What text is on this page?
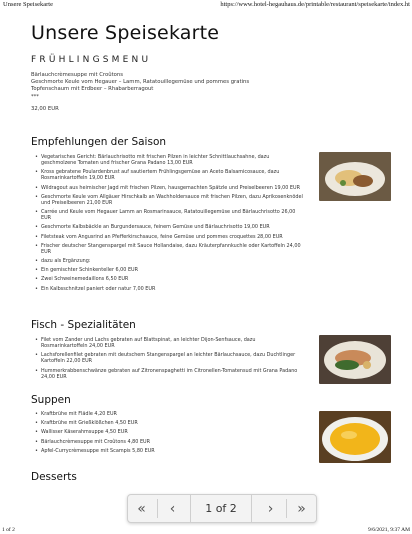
Unsere Speisekarte	https://www.hotel-hegauhaus.de/printable/restaurant/speisekarte/index.ht
Unsere Speisekarte
FRÜHLINGSMENU
Bärlauchcrèmesuppe mit Croûtons
Geschmorte Keule vom Hegauer – Lamm, Ratatouillegemüse und pommes gratins
Topfenschaum mit Erdbeer – Rhabarberragout
***
32,00 EUR
Empfehlungen der Saison
• Vegetarisches Gericht: Bärlauchrisotto mit frischen Pilzen in leichter Schnittlauchsahne, dazu geschmolzene Tomaten und frischer Grana Padano 13,00 EUR
• Kross gebratene Poulardenbrust auf sautiertem Frühlingsgemüse an Aceto Balsamicosauce, dazu Rosmarinkartoffeln 19,00 EUR
• Wildragout aus heimischer Jagd mit frischen Pilzen, hausgemachten Spätzle und Preiselbeeren 19,00 EUR
• Geschmorte Keule vom Allgäuer Hirschkalb an Wachholdersauce mit frischen Pilzen, dazu Aprikosenknödel und Preiselbeeren 21,00 EUR
• Carrée und Keule vom Hegauer Lamm an Rosmarinsauce, Ratatouillegemüse und Bärlauchrisotto 26,00 EUR
• Geschmorte Kalbsbäckle an Burgundersauce, feinem Gemüse und Bärlauchrisotto 19,00 EUR
• Filetsteak vom Angusrind an Pfefferkirschsauce, feine Gemüse und pommes croquettes 28,00 EUR
• Frischer deutscher Stangenspargel mit Sauce Hollandaise, dazu Kräuterpfannkuchle oder Kartoffeln 24,00 EUR
• dazu als Ergänzung:
• Ein gemischter Schinkenteller 6,00 EUR
• Zwei Schweinemedaillons 6,50 EUR
• Ein Kalbsschnitzel paniert oder natur 7,00 EUR
Fisch - Spezialitäten
• Filet vom Zander und Lachs gebraten auf Blattspinat, an leichter Dijon-Senfsauce, dazu Rosmarinkartoffeln 24,00 EUR
• Lachsforellenfilet gebraten mit deutschem Stangenspargel an leichter Bärlauchsauce, dazu Duchtlinger Kartoffeln 22,00 EUR
• Hummerkrabbenschwänze gebraten auf Zitronenspaghetti im Citronellen-Tomatensud mit Grana Padano 24,00 EUR
Suppen
• Kraftbrühe mit Flädle 4,20 EUR
• Kraftbrühe mit Grießklößchen 4,50 EUR
• Wallisser Käserahmsuppe 4,50 EUR
• Bärlauchcrèmesuppe mit Croûtons 4,80 EUR
• Apfel-Currycrèmesuppe mit Scampis 5,80 EUR
Desserts
« ‹	1 of 2	› »
1 of 2	9/6/2021, 9:37 AM
